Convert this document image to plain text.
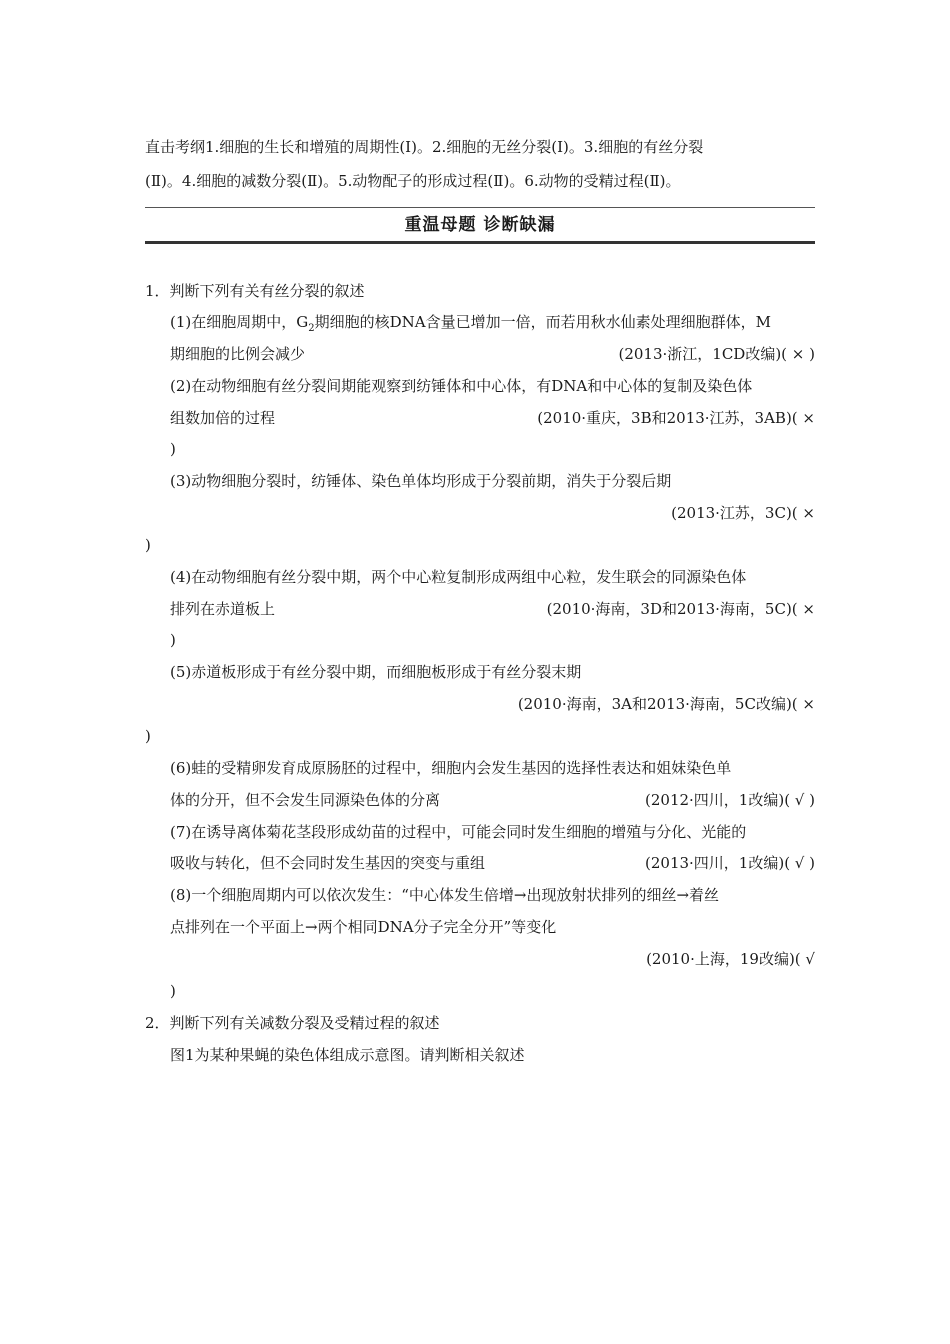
直击考纲1.细胞的生长和增殖的周期性(Ⅰ)。2.细胞的无丝分裂(Ⅰ)。3.细胞的有丝分裂
(Ⅱ)。4.细胞的减数分裂(Ⅱ)。5.动物配子的形成过程(Ⅱ)。6.动物的受精过程(Ⅱ)。
重温母题 诊断缺漏
1．判断下列有关有丝分裂的叙述
(1)在细胞周期中，$G_2$期细胞的核DNA含量已增加一倍，而若用秋水仙素处理细胞群体，M
期细胞的比例会减少	(2013·浙江，1CD改编)( × )
(2)在动物细胞有丝分裂间期能观察到纺锤体和中心体，有DNA和中心体的复制及染色体
组数加倍的过程	(2010·重庆，3B和2013·江苏，3AB)( ×
)
(3)动物细胞分裂时，纺锤体、染色单体均形成于分裂前期，消失于分裂后期
(2013·江苏，3C)( ×
)
(4)在动物细胞有丝分裂中期，两个中心粒复制形成两组中心粒，发生联会的同源染色体
排列在赤道板上	(2010·海南，3D和2013·海南，5C)( ×
)
(5)赤道板形成于有丝分裂中期，而细胞板形成于有丝分裂末期
(2010·海南，3A和2013·海南，5C改编)( ×
)
(6)蛙的受精卵发育成原肠胚的过程中，细胞内会发生基因的选择性表达和姐妹染色单
体的分开，但不会发生同源染色体的分离	(2012·四川，1改编)( √ )
(7)在诱导离体菊花茎段形成幼苗的过程中，可能会同时发生细胞的增殖与分化、光能的
吸收与转化，但不会同时发生基因的突变与重组	(2013·四川，1改编)( √ )
(8)一个细胞周期内可以依次发生：“中心体发生倍增→出现放射状排列的细丝→着丝
点排列在一个平面上→两个相同DNA分子完全分开”等变化
(2010·上海，19改编)( √
)
2．判断下列有关减数分裂及受精过程的叙述
图1为某种果蝇的染色体组成示意图。请判断相关叙述
